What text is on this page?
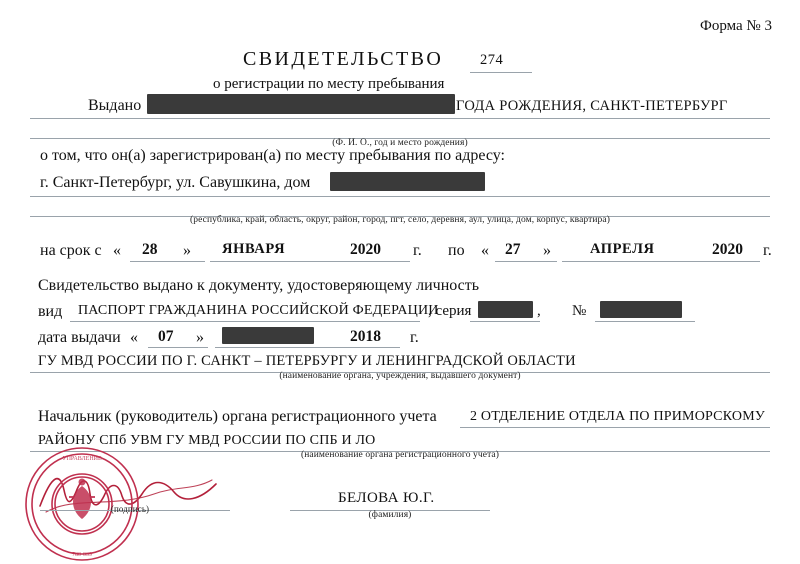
Форма № 3
СВИДЕТЕЛЬСТВО	274
о регистрации по месту пребывания
Выдано	ГОДА РОЖДЕНИЯ, САНКТ-ПЕТЕРБУРГ
(Ф. И. О., год и место рождения)
о том, что он(а) зарегистрирован(а) по месту пребывания по адресу:
г. Санкт-Петербург, ул. Савушкина, дом
(республика, край, область, округ, район, город, пгт, село, деревня, аул, улица, дом, корпус, квартира)
на срок с « 28 » ЯНВАРЯ	2020 г. по « 27 »	АПРЕЛЯ	2020 г.
Свидетельство выдано к документу, удостоверяющему личность
вид ПАСПОРТ ГРАЖДАНИНА РОССИЙСКОЙ ФЕДЕРАЦИИ
, серия	, №
дата выдачи « 07 »	2018 г.
ГУ МВД РОССИИ ПО Г. САНКТ – ПЕТЕРБУРГУ И ЛЕНИНГРАДСКОЙ ОБЛАСТИ
(наименование органа, учреждения, выдавшего документ)
Начальник (руководитель) органа регистрационного учета 2 ОТДЕЛЕНИЕ ОТДЕЛА ПО ПРИМОРСКОМУ
РАЙОНУ СПб УВМ ГУ МВД РОССИИ ПО СПБ И ЛО
(наименование органа регистрационного учета)
УПРАВЛЕНИЕ
780-039
(подпись)
БЕЛОВА Ю.Г.
(фамилия)
